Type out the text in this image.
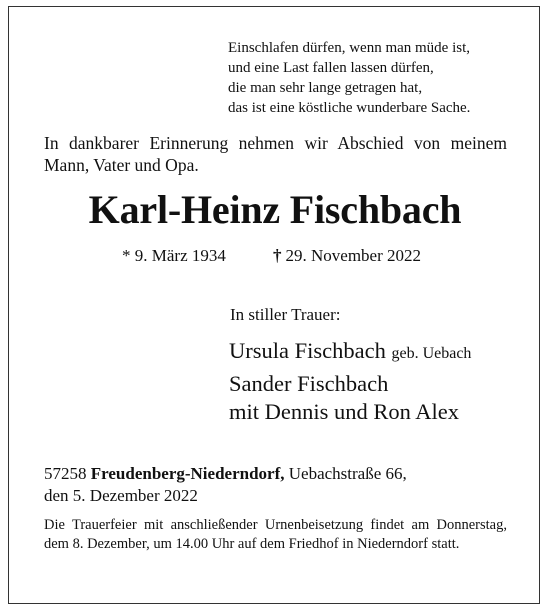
Einschlafen dürfen, wenn man müde ist,
und eine Last fallen lassen dürfen,
die man sehr lange getragen hat,
das ist eine köstliche wunderbare Sache.
In dankbarer Erinnerung nehmen wir Abschied von meinem Mann, Vater und Opa.
Karl-Heinz Fischbach
* 9. März 1934	† 29. November 2022
In stiller Trauer:
Ursula Fischbach geb. Uebach
Sander Fischbach
mit Dennis und Ron Alex
57258 Freudenberg-Niederndorf, Uebachstraße 66,
den 5. Dezember 2022
Die Trauerfeier mit anschließender Urnenbeisetzung findet am Donnerstag, dem 8. Dezember, um 14.00 Uhr auf dem Friedhof in Niederndorf statt.
